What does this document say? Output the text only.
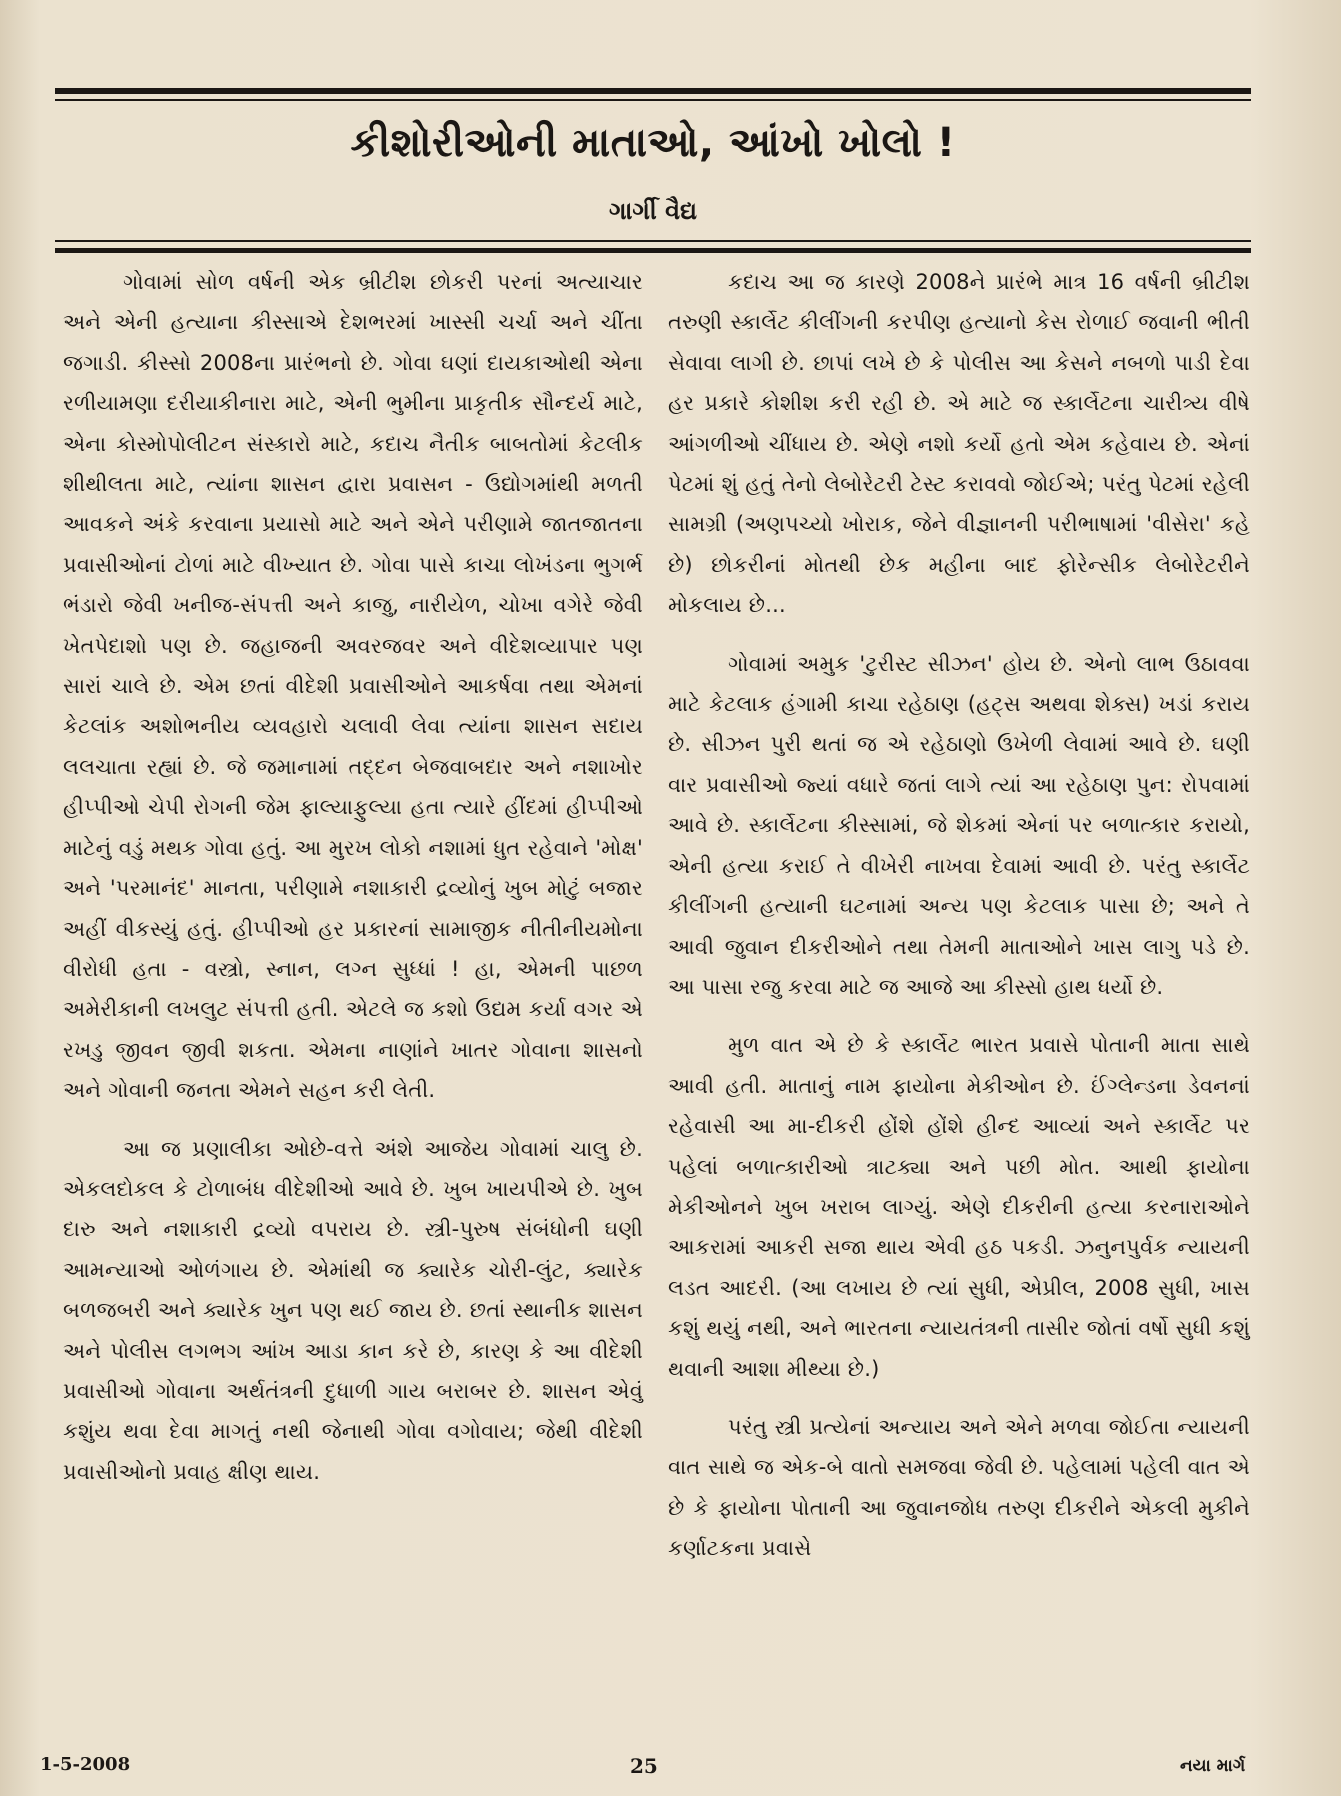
કીશોરીઓની માતાઓ, આંખો ખોલો !
ગાર્ગી વૈદ્ય

ગોવામાં સોળ વર્ષની એક બ્રીટીશ છોકરી પરનાં અત્યાચાર અને એની હત્યાના કીસ્સાએ દેશભરમાં ખાસ્સી ચર્ચા અને ચીંતા જગાડી. કીસ્સો 2008ના પ્રારંભનો છે. ગોવા ઘણાં દાયકાઓથી એના રળીયામણા દરીયાકીનારા માટે, એની ભુમીના પ્રાકૃતીક સૌન્દર્ય માટે, એના કોસ્મોપોલીટન સંસ્કારો માટે, કદાચ નૈતીક બાબતોમાં કેટલીક શીથીલતા માટે, ત્યાંના શાસન દ્વારા પ્રવાસન - ઉદ્યોગમાંથી મળતી આવકને અંકે કરવાના પ્રયાસો માટે અને એને પરીણામે જાતજાતના પ્રવાસીઓનાં ટોળાં માટે વીખ્યાત છે. ગોવા પાસે કાચા લોખંડના ભુગર્ભ ભંડારો જેવી ખનીજ-સંપત્તી અને કાજુ, નારીયેળ, ચોખા વગેરે જેવી ખેતપેદાશો પણ છે. જહાજની અવરજવર અને વીદેશવ્યાપાર પણ સારાં ચાલે છે. એમ છતાં વીદેશી પ્રવાસીઓને આકર્ષવા તથા એમનાં કેટલાંક અશોભનીય વ્યવહારો ચલાવી લેવા ત્યાંના શાસન સદાય લલચાતા રહ્યાં છે. જે જમાનામાં તદ્દન બેજવાબદાર અને નશાખોર હીપ્પીઓ ચેપી રોગની જેમ ફાલ્યાફુલ્યા હતા ત્યારે હીંદમાં હીપ્પીઓ માટેનું વડું મથક ગોવા હતું. આ મુરખ લોકો નશામાં ધુત રહેવાને 'મોક્ષ' અને 'પરમાનંદ' માનતા, પરીણામે નશાકારી દ્રવ્યોનું ખુબ મોટું બજાર અહીં વીકસ્યું હતું. હીપ્પીઓ હર પ્રકારનાં સામાજીક નીતીનીયમોના વીરોધી હતા - વસ્ત્રો, સ્નાન, લગ્ન સુધ્ધાં ! હા, એમની પાછળ અમેરીકાની લખલુટ સંપત્તી હતી. એટલે જ કશો ઉદ્યમ કર્યા વગર એ રખડુ જીવન જીવી શકતા. એમના નાણાંને ખાતર ગોવાના શાસનો અને ગોવાની જનતા એમને સહન કરી લેતી.

આ જ પ્રણાલીકા ઓછે-વત્તે અંશે આજેય ગોવામાં ચાલુ છે. એકલદોકલ કે ટોળાબંધ વીદેશીઓ આવે છે. ખુબ ખાયપીએ છે. ખુબ દારુ અને નશાકારી દ્રવ્યો વપરાય છે. સ્ત્રી-પુરુષ સંબંધોની ઘણી આમન્યાઓ ઓળંગાય છે. એમાંથી જ ક્યારેક ચોરી-લુંટ, ક્યારેક બળજબરી અને ક્યારેક ખુન પણ થઈ જાય છે. છતાં સ્થાનીક શાસન અને પોલીસ લગભગ આંખ આડા કાન કરે છે, કારણ કે આ વીદેશી પ્રવાસીઓ ગોવાના અર્થતંત્રની દુધાળી ગાય બરાબર છે. શાસન એવું કશુંય થવા દેવા માગતું નથી જેનાથી ગોવા વગોવાય; જેથી વીદેશી પ્રવાસીઓનો પ્રવાહ ક્ષીણ થાય.

કદાચ આ જ કારણે 2008ને પ્રારંભે માત્ર 16 વર્ષની બ્રીટીશ તરુણી સ્કાર્લેટ કીલીંગની કરપીણ હત્યાનો કેસ રોળાઈ જવાની ભીતી સેવાવા લાગી છે. છાપાં લખે છે કે પોલીસ આ કેસને નબળો પાડી દેવા હર પ્રકારે કોશીશ કરી રહી છે. એ માટે જ સ્કાર્લેટના ચારીત્ર્ય વીષે આંગળીઓ ચીંધાય છે. એણે નશો કર્યો હતો એમ કહેવાય છે. એનાં પેટમાં શું હતું તેનો લેબોરેટરી ટેસ્ટ કરાવવો જોઈએ; પરંતુ પેટમાં રહેલી સામગ્રી (અણપચ્યો ખોરાક, જેને વીજ્ઞાનની પરીભાષામાં 'વીસેરા' કહે છે) છોકરીનાં મોતથી છેક મહીના બાદ ફોરેન્સીક લેબોરેટરીને મોકલાય છે...

ગોવામાં અમુક 'ટુરીસ્ટ સીઝન' હોય છે. એનો લાભ ઉઠાવવા માટે કેટલાક હંગામી કાચા રહેઠાણ (હટ્સ અથવા શેક્સ) ખડાં કરાય છે. સીઝન પુરી થતાં જ એ રહેઠાણો ઉખેળી લેવામાં આવે છે. ઘણી વાર પ્રવાસીઓ જ્યાં વધારે જતાં લાગે ત્યાં આ રહેઠાણ પુન: રોપવામાં આવે છે. સ્કાર્લેટના કીસ્સામાં, જે શેકમાં એનાં પર બળાત્કાર કરાયો, એની હત્યા કરાઈ તે વીખેરી નાખવા દેવામાં આવી છે. પરંતુ સ્કાર્લેટ કીલીંગની હત્યાની ઘટનામાં અન્ય પણ કેટલાક પાસા છે; અને તે આવી જુવાન દીકરીઓને તથા તેમની માતાઓને ખાસ લાગુ પડે છે. આ પાસા રજુ કરવા માટે જ આજે આ કીસ્સો હાથ ધર્યો છે.

મુળ વાત એ છે કે સ્કાર્લેટ ભારત પ્રવાસે પોતાની માતા સાથે આવી હતી. માતાનું નામ ફાયોના મેકીઓન છે. ઈંગ્લેન્ડના ડેવનનાં રહેવાસી આ મા-દીકરી હોંશે હોંશે હીન્દ આવ્યાં અને સ્કાર્લેટ પર પહેલાં બળાત્કારીઓ ત્રાટક્યા અને પછી મોત. આથી ફાયોના મેકીઓનને ખુબ ખરાબ લાગ્યું. એણે દીકરીની હત્યા કરનારાઓને આકરામાં આકરી સજા થાય એવી હઠ પકડી. ઝનુનપુર્વક ન્યાયની લડત આદરી. (આ લખાય છે ત્યાં સુધી, એપ્રીલ, 2008 સુધી, ખાસ કશું થયું નથી, અને ભારતના ન્યાયતંત્રની તાસીર જોતાં વર્ષો સુધી કશું થવાની આશા મીથ્યા છે.)

પરંતુ સ્ત્રી પ્રત્યેનાં અન્યાય અને એને મળવા જોઈતા ન્યાયની વાત સાથે જ એક-બે વાતો સમજવા જેવી છે. પહેલામાં પહેલી વાત એ છે કે ફાયોના પોતાની આ જુવાનજોધ તરુણ દીકરીને એકલી મુકીને કર્ણાટકના પ્રવાસે

1-5-2008	25	નયા માર્ગ
